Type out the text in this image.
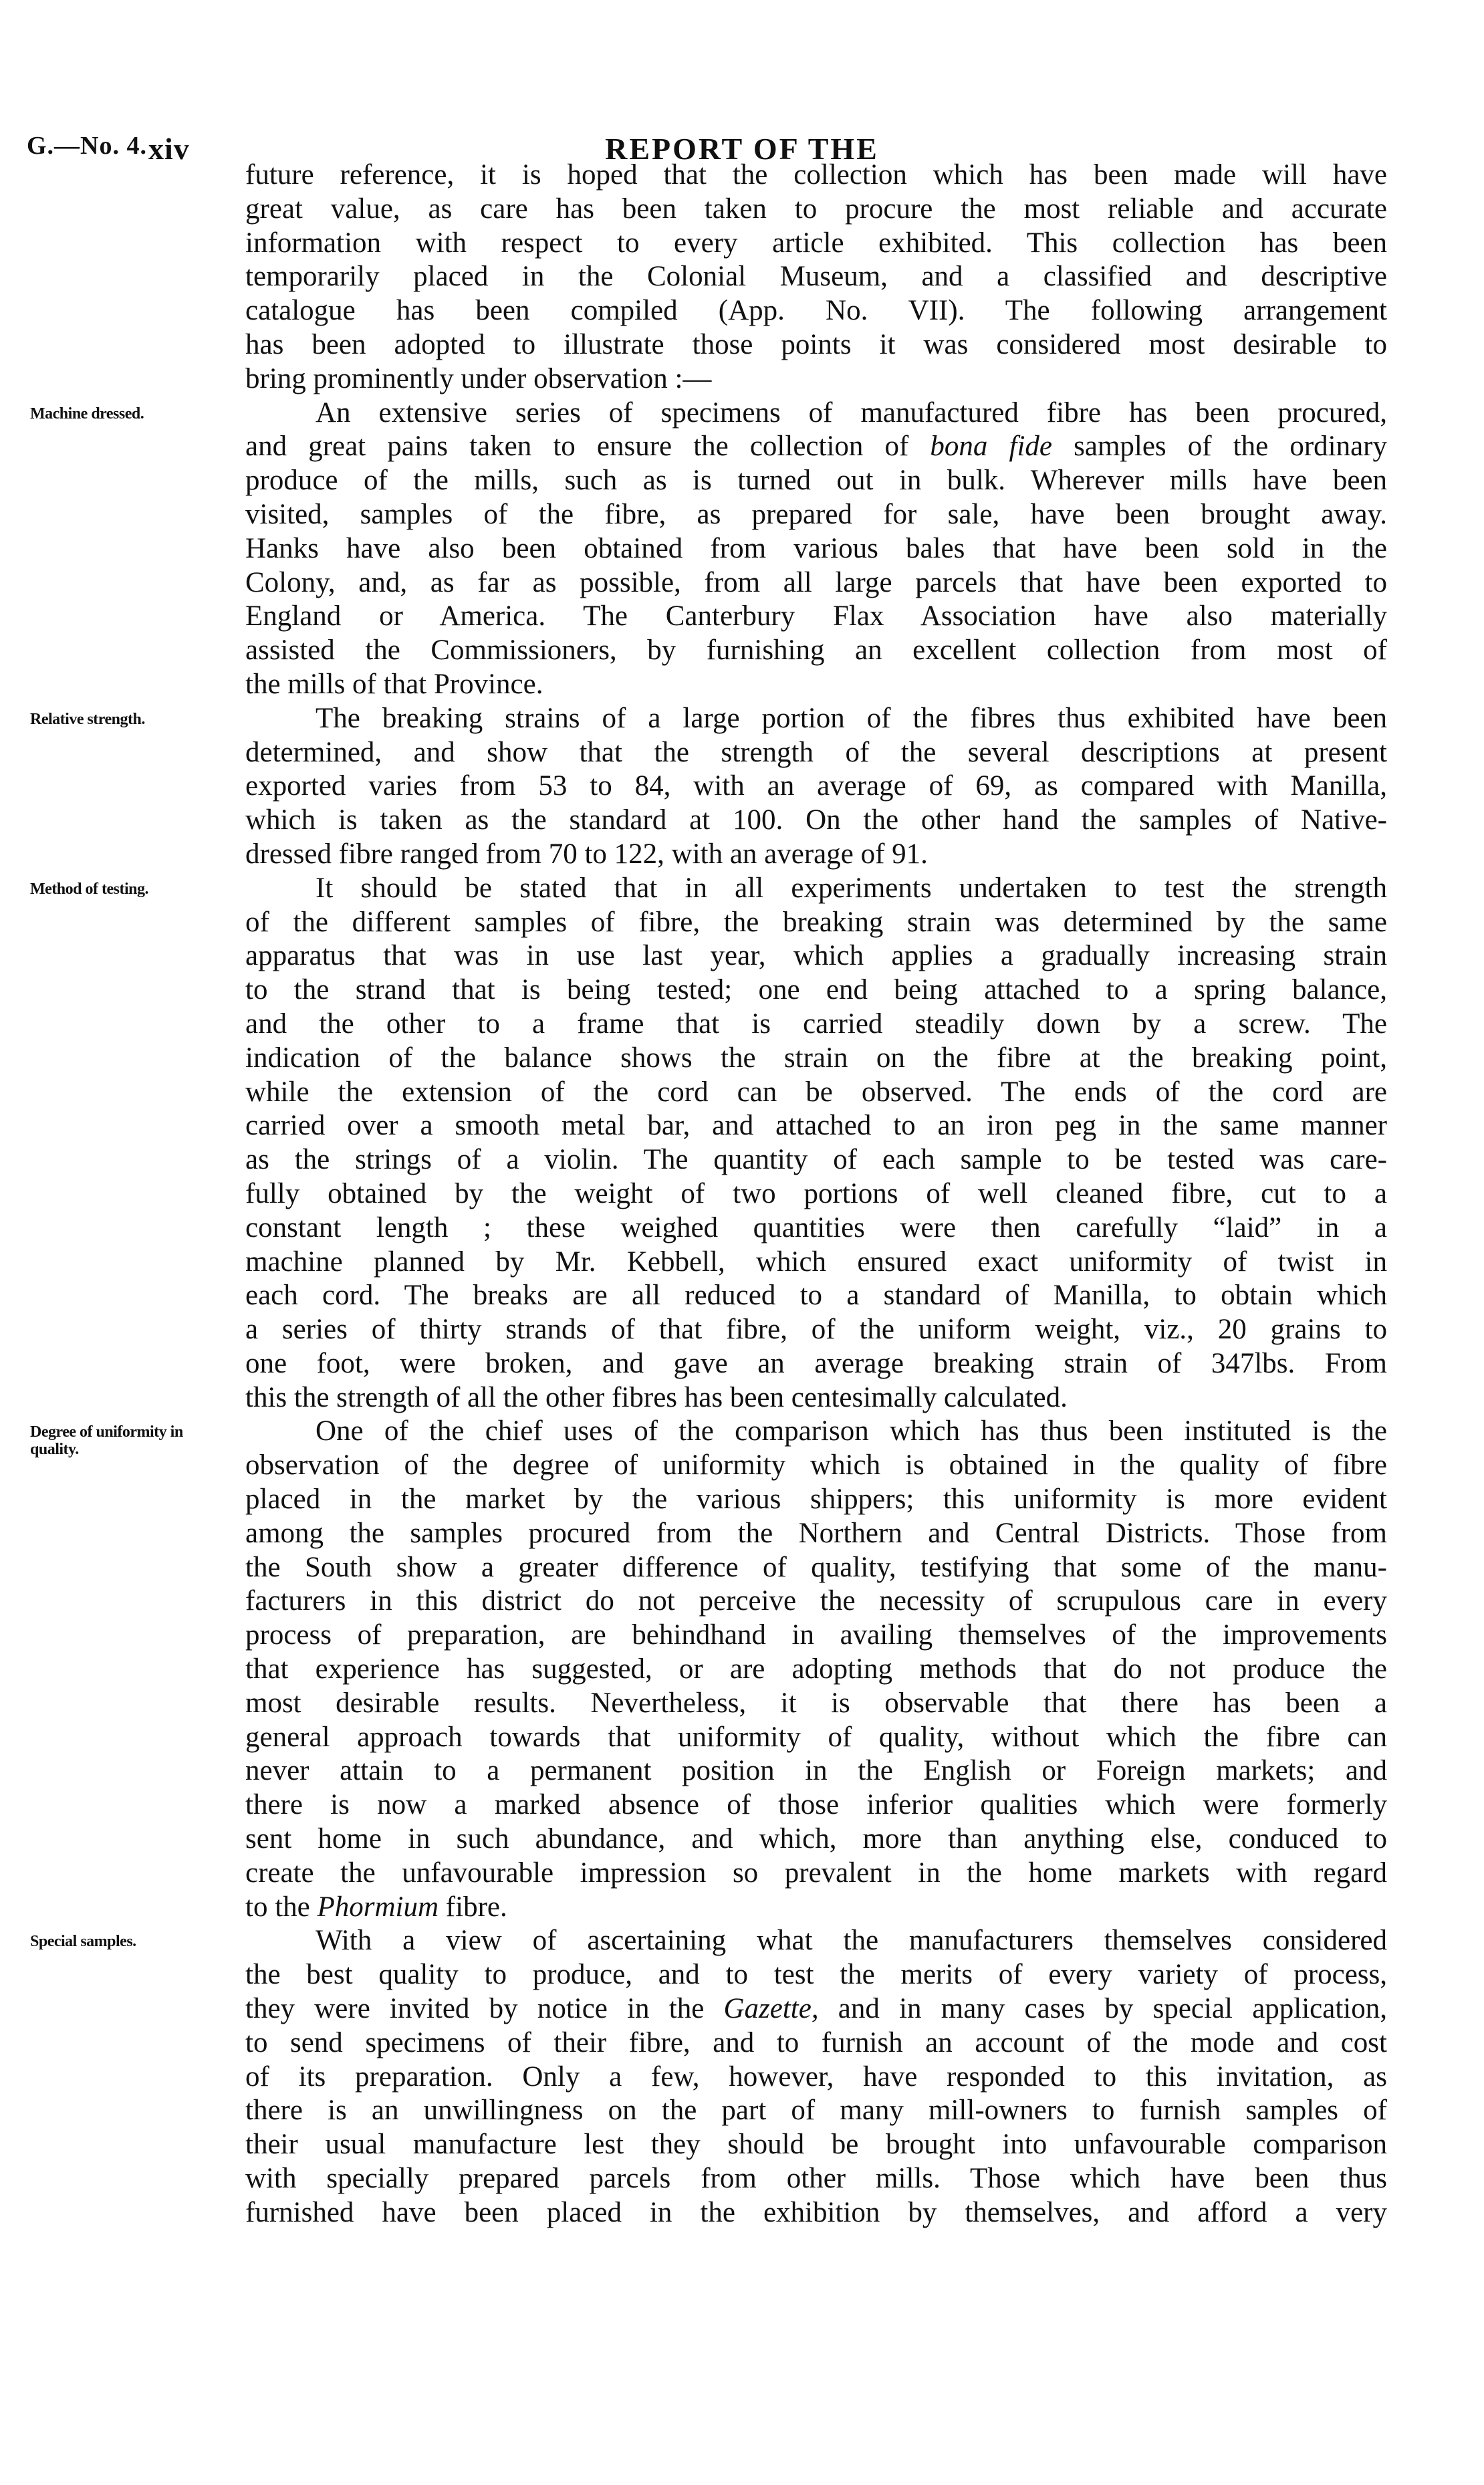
REPORT OF THE
G.—No. 4. xiv
future reference, it is hoped that the collection which has been made will have
great value, as care has been taken to procure the most reliable and accurate
information with respect to every article exhibited. This collection has been
temporarily placed in the Colonial Museum, and a classified and descriptive
catalogue has been compiled (App. No. VII). The following arrangement
has been adopted to illustrate those points it was considered most desirable to
bring prominently under observation :—
Machine dressed.	An extensive series of specimens of manufactured fibre has been procured,
and great pains taken to ensure the collection of bona fide samples of the ordinary
produce of the mills, such as is turned out in bulk. Wherever mills have been
visited, samples of the fibre, as prepared for sale, have been brought away.
Hanks have also been obtained from various bales that have been sold in the
Colony, and, as far as possible, from all large parcels that have been exported to
England or America. The Canterbury Flax Association have also materially
assisted the Commissioners, by furnishing an excellent collection from most of
the mills of that Province.
Relative strength.	The breaking strains of a large portion of the fibres thus exhibited have been
determined, and show that the strength of the several descriptions at present
exported varies from 53 to 84, with an average of 69, as compared with Manilla,
which is taken as the standard at 100. On the other hand the samples of Native-
dressed fibre ranged from 70 to 122, with an average of 91.
Method of testing.	It should be stated that in all experiments undertaken to test the strength
of the different samples of fibre, the breaking strain was determined by the same
apparatus that was in use last year, which applies a gradually increasing strain
to the strand that is being tested; one end being attached to a spring balance,
and the other to a frame that is carried steadily down by a screw. The
indication of the balance shows the strain on the fibre at the breaking point,
while the extension of the cord can be observed. The ends of the cord are
carried over a smooth metal bar, and attached to an iron peg in the same manner
as the strings of a violin. The quantity of each sample to be tested was care-
fully obtained by the weight of two portions of well cleaned fibre, cut to a
constant length ; these weighed quantities were then carefully “laid” in a
machine planned by Mr. Kebbell, which ensured exact uniformity of twist in
each cord. The breaks are all reduced to a standard of Manilla, to obtain which
a series of thirty strands of that fibre, of the uniform weight, viz., 20 grains to
one foot, were broken, and gave an average breaking strain of 347lbs. From
this the strength of all the other fibres has been centesimally calculated.
Degree of uniformity in quality.
One of the chief uses of the comparison which has thus been instituted is the
observation of the degree of uniformity which is obtained in the quality of fibre
placed in the market by the various shippers; this uniformity is more evident
among the samples procured from the Northern and Central Districts. Those from
the South show a greater difference of quality, testifying that some of the manu-
facturers in this district do not perceive the necessity of scrupulous care in every
process of preparation, are behindhand in availing themselves of the improvements
that experience has suggested, or are adopting methods that do not produce the
most desirable results. Nevertheless, it is observable that there has been a
general approach towards that uniformity of quality, without which the fibre can
never attain to a permanent position in the English or Foreign markets; and
there is now a marked absence of those inferior qualities which were formerly
sent home in such abundance, and which, more than anything else, conduced to
create the unfavourable impression so prevalent in the home markets with regard
to the Phormium fibre.
Special samples.	With a view of ascertaining what the manufacturers themselves considered
the best quality to produce, and to test the merits of every variety of process,
they were invited by notice in the Gazette, and in many cases by special application,
to send specimens of their fibre, and to furnish an account of the mode and cost
of its preparation. Only a few, however, have responded to this invitation, as
there is an unwillingness on the part of many mill-owners to furnish samples of
their usual manufacture lest they should be brought into unfavourable comparison
with specially prepared parcels from other mills. Those which have been thus
furnished have been placed in the exhibition by themselves, and afford a very
